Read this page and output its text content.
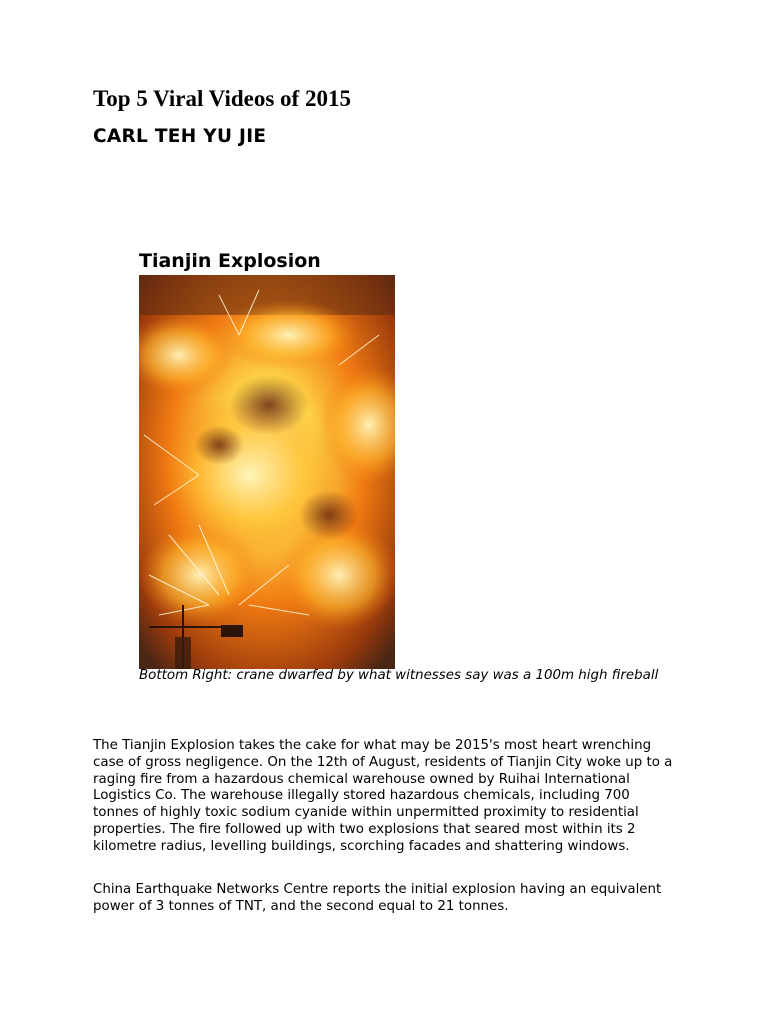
Top 5 Viral Videos of 2015
CARL TEH YU JIE
Tianjin Explosion

Bottom Right: crane dwarfed by what witnesses say was a 100m high fireball

The Tianjin Explosion takes the cake for what may be 2015's most heart wrenching case of gross negligence. On the 12th of August, residents of Tianjin City woke up to a raging fire from a hazardous chemical warehouse owned by Ruihai International Logistics Co. The warehouse illegally stored hazardous chemicals, including 700 tonnes of highly toxic sodium cyanide within unpermitted proximity to residential properties. The fire followed up with two explosions that seared most within its 2 kilometre radius, levelling buildings, scorching facades and shattering windows.

China Earthquake Networks Centre reports the initial explosion having an equivalent power of 3 tonnes of TNT, and the second equal to 21 tonnes.
